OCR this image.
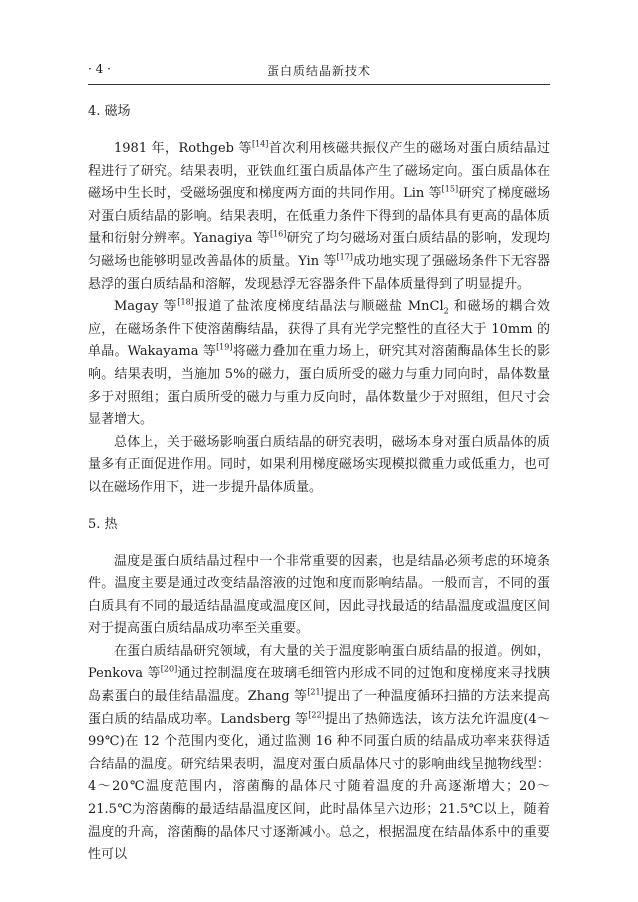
· 4 ·	蛋白质结晶新技术
4. 磁场

1981 年，Rothgeb 等[14]首次利用核磁共振仪产生的磁场对蛋白质结晶过程进行了研究。结果表明，亚铁血红蛋白质晶体产生了磁场定向。蛋白质晶体在磁场中生长时，受磁场强度和梯度两方面的共同作用。Lin 等[15]研究了梯度磁场对蛋白质结晶的影响。结果表明，在低重力条件下得到的晶体具有更高的晶体质量和衍射分辨率。Yanagiya 等[16]研究了均匀磁场对蛋白质结晶的影响，发现均匀磁场也能够明显改善晶体的质量。Yin 等[17]成功地实现了强磁场条件下无容器悬浮的蛋白质结晶和溶解，发现悬浮无容器条件下晶体质量得到了明显提升。

Magay 等[18]报道了盐浓度梯度结晶法与顺磁盐 MnCl$_2$ 和磁场的耦合效应，在磁场条件下使溶菌酶结晶，获得了具有光学完整性的直径大于 10mm 的单晶。Wakayama 等[19]将磁力叠加在重力场上，研究其对溶菌酶晶体生长的影响。结果表明，当施加 5%的磁力，蛋白质所受的磁力与重力同向时，晶体数量多于对照组；蛋白质所受的磁力与重力反向时，晶体数量少于对照组，但尺寸会显著增大。

总体上，关于磁场影响蛋白质结晶的研究表明，磁场本身对蛋白质晶体的质量多有正面促进作用。同时，如果利用梯度磁场实现模拟微重力或低重力，也可以在磁场作用下，进一步提升晶体质量。

5. 热

温度是蛋白质结晶过程中一个非常重要的因素，也是结晶必须考虑的环境条件。温度主要是通过改变结晶溶液的过饱和度而影响结晶。一般而言，不同的蛋白质具有不同的最适结晶温度或温度区间，因此寻找最适的结晶温度或温度区间对于提高蛋白质结晶成功率至关重要。

在蛋白质结晶研究领域，有大量的关于温度影响蛋白质结晶的报道。例如，Penkova 等[20]通过控制温度在玻璃毛细管内形成不同的过饱和度梯度来寻找胰岛素蛋白的最佳结晶温度。Zhang 等[21]提出了一种温度循环扫描的方法来提高蛋白质的结晶成功率。Landsberg 等[22]提出了热筛选法，该方法允许温度(4～99℃)在 12 个范围内变化，通过监测 16 种不同蛋白质的结晶成功率来获得适合结晶的温度。研究结果表明，温度对蛋白质晶体尺寸的影响曲线呈抛物线型：4～20℃温度范围内，溶菌酶的晶体尺寸随着温度的升高逐渐增大；20～21.5℃为溶菌酶的最适结晶温度区间，此时晶体呈六边形；21.5℃以上，随着温度的升高，溶菌酶的晶体尺寸逐渐减小。总之，根据温度在结晶体系中的重要性可以
